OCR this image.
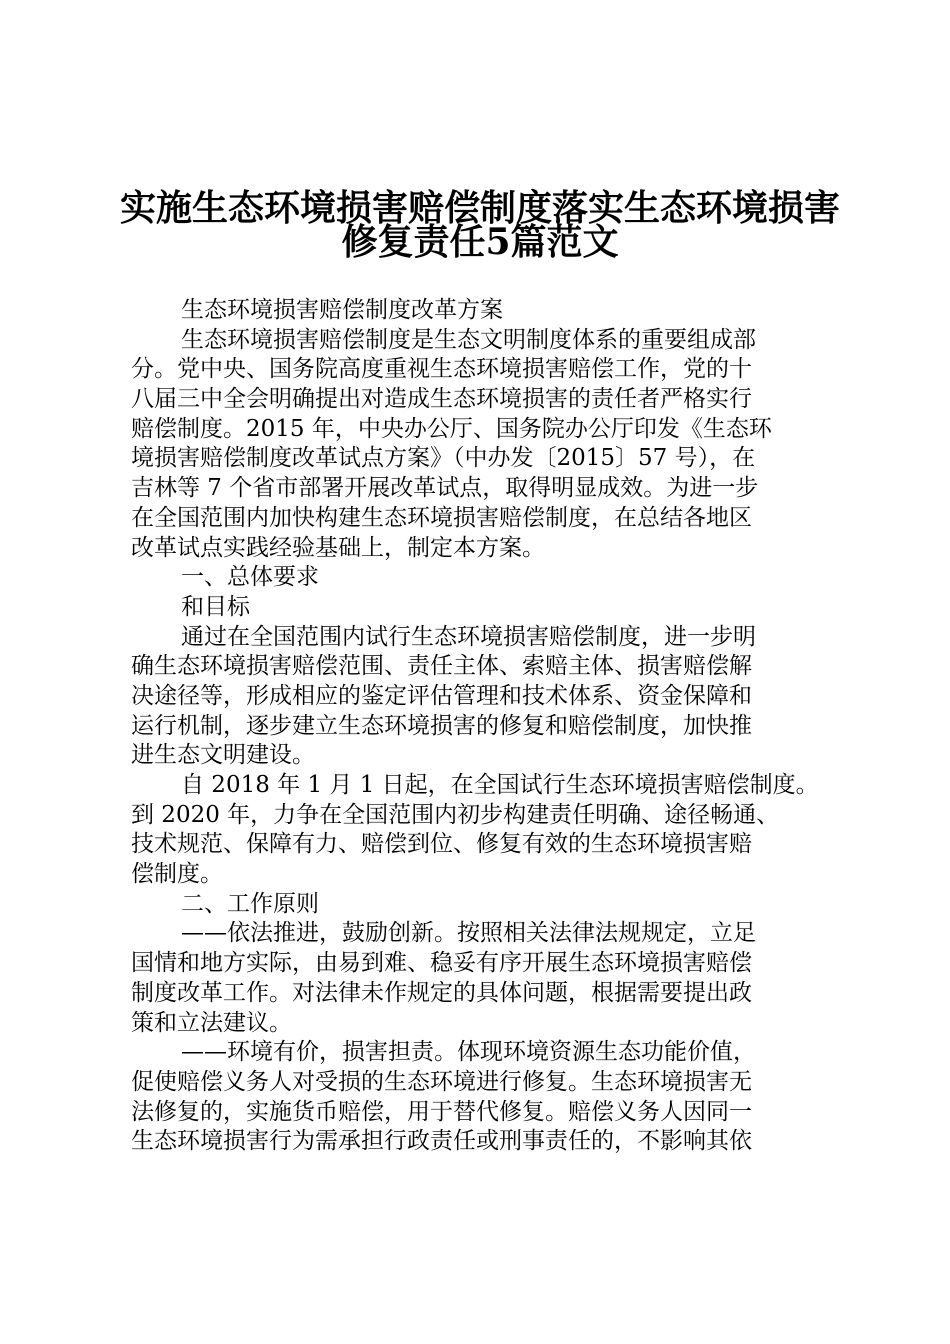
实施生态环境损害赔偿制度落实生态环境损害
修复责任5篇范文
生态环境损害赔偿制度改革方案
生态环境损害赔偿制度是生态文明制度体系的重要组成部
分。党中央、国务院高度重视生态环境损害赔偿工作，党的十
八届三中全会明确提出对造成生态环境损害的责任者严格实行
赔偿制度。2015 年，中央办公厅、国务院办公厅印发《生态环
境损害赔偿制度改革试点方案》（中办发〔2015〕57 号），在
吉林等 7 个省市部署开展改革试点，取得明显成效。为进一步
在全国范围内加快构建生态环境损害赔偿制度，在总结各地区
改革试点实践经验基础上，制定本方案。
一、总体要求
和目标
通过在全国范围内试行生态环境损害赔偿制度，进一步明
确生态环境损害赔偿范围、责任主体、索赔主体、损害赔偿解
决途径等，形成相应的鉴定评估管理和技术体系、资金保障和
运行机制，逐步建立生态环境损害的修复和赔偿制度，加快推
进生态文明建设。
自 2018 年 1 月 1 日起，在全国试行生态环境损害赔偿制度。
到 2020 年，力争在全国范围内初步构建责任明确、途径畅通、
技术规范、保障有力、赔偿到位、修复有效的生态环境损害赔
偿制度。
二、工作原则
——依法推进，鼓励创新。按照相关法律法规规定，立足
国情和地方实际，由易到难、稳妥有序开展生态环境损害赔偿
制度改革工作。对法律未作规定的具体问题，根据需要提出政
策和立法建议。
——环境有价，损害担责。体现环境资源生态功能价值，
促使赔偿义务人对受损的生态环境进行修复。生态环境损害无
法修复的，实施货币赔偿，用于替代修复。赔偿义务人因同一
生态环境损害行为需承担行政责任或刑事责任的，不影响其依
